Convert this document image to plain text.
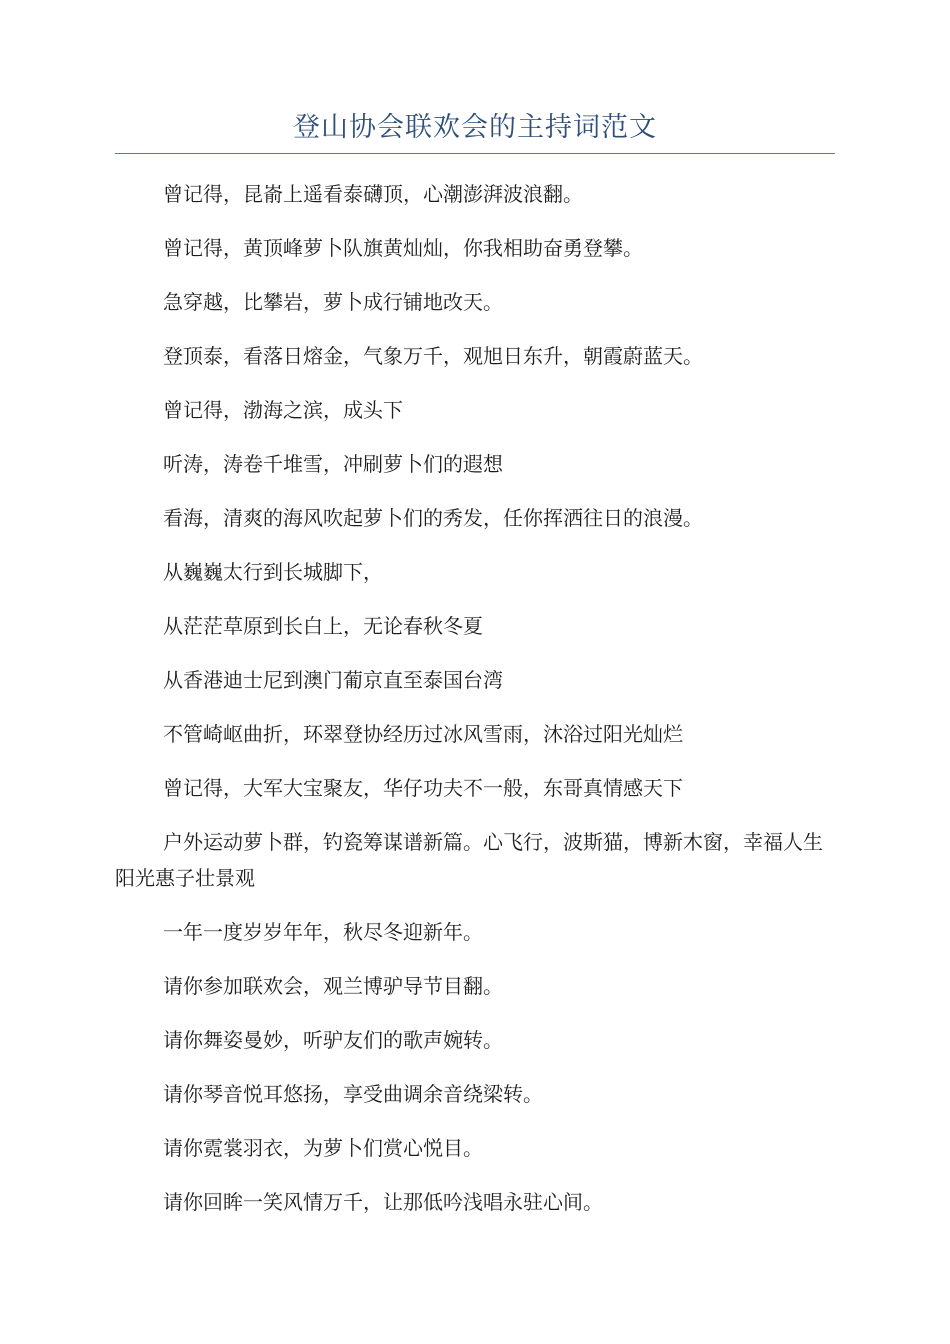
登山协会联欢会的主持词范文

曾记得，昆嵛上遥看泰礴顶，心潮澎湃波浪翻。

曾记得，黄顶峰萝卜队旗黄灿灿，你我相助奋勇登攀。

急穿越，比攀岩，萝卜成行铺地改天。

登顶泰，看落日熔金，气象万千，观旭日东升，朝霞蔚蓝天。

曾记得，渤海之滨，成头下

听涛，涛卷千堆雪，冲刷萝卜们的遐想

看海，清爽的海风吹起萝卜们的秀发，任你挥洒往日的浪漫。

从巍巍太行到长城脚下，

从茫茫草原到长白上，无论春秋冬夏

从香港迪士尼到澳门葡京直至泰国台湾

不管崎岖曲折，环翠登协经历过冰风雪雨，沐浴过阳光灿烂

曾记得，大军大宝聚友，华仔功夫不一般，东哥真情感天下

户外运动萝卜群，钓瓷筹谋谱新篇。心飞行，波斯猫，博新木窗，幸福人生阳光惠子壮景观

一年一度岁岁年年，秋尽冬迎新年。

请你参加联欢会，观兰博驴导节目翻。

请你舞姿曼妙，听驴友们的歌声婉转。

请你琴音悦耳悠扬，享受曲调余音绕梁转。

请你霓裳羽衣，为萝卜们赏心悦目。

请你回眸一笑风情万千，让那低吟浅唱永驻心间。
